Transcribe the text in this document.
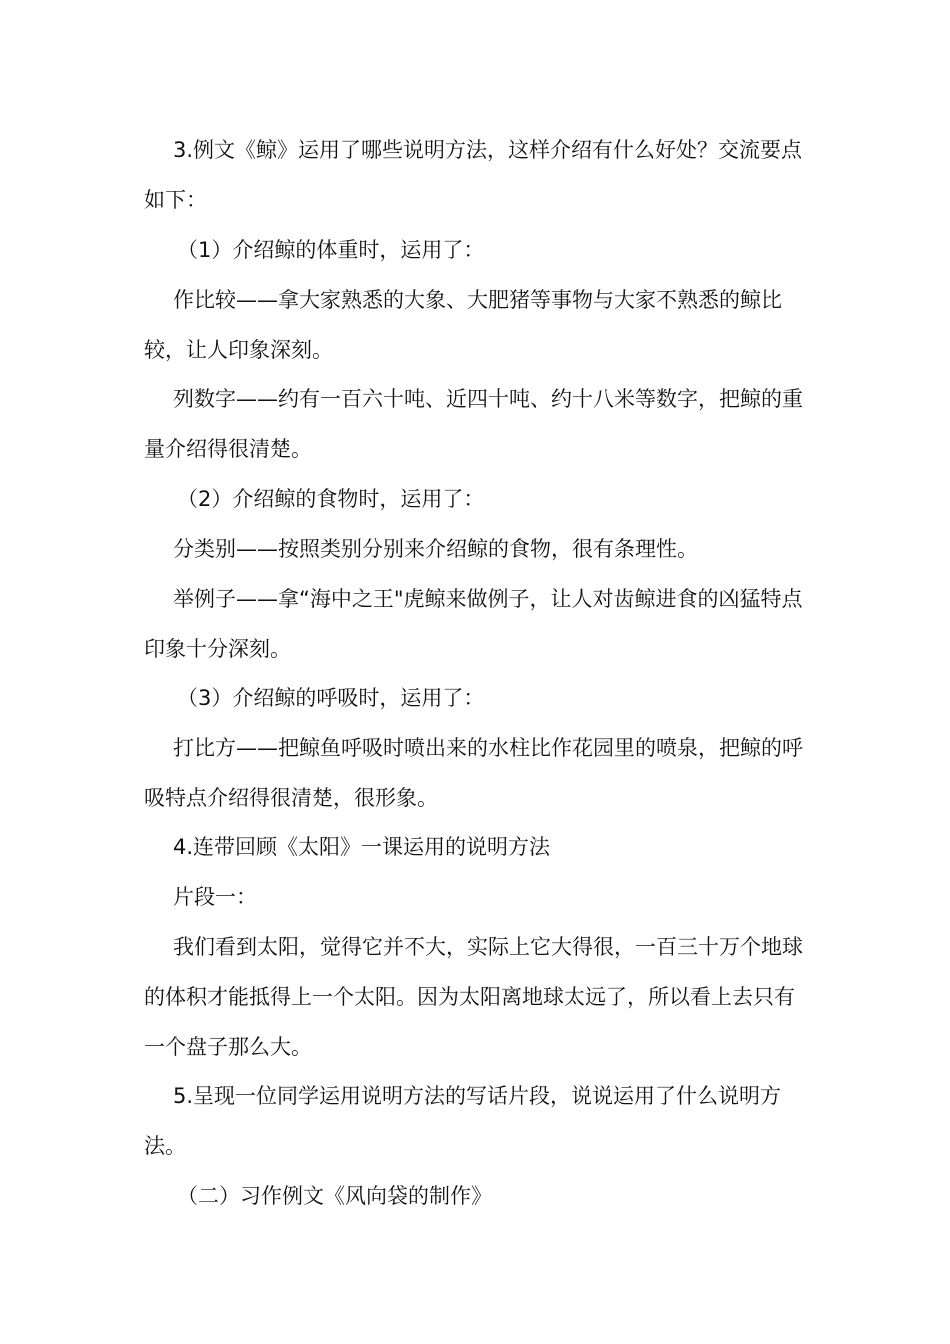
3.例文《鲸》运用了哪些说明方法，这样介绍有什么好处？交流要点如下：

（1）介绍鲸的体重时，运用了：

作比较——拿大家熟悉的大象、大肥猪等事物与大家不熟悉的鲸比较，让人印象深刻。

列数字——约有一百六十吨、近四十吨、约十八米等数字，把鲸的重量介绍得很清楚。

（2）介绍鲸的食物时，运用了：

分类别——按照类别分别来介绍鲸的食物，很有条理性。

举例子——拿“海中之王"虎鲸来做例子，让人对齿鲸进食的凶猛特点印象十分深刻。

（3）介绍鲸的呼吸时，运用了：

打比方——把鲸鱼呼吸时喷出来的水柱比作花园里的喷泉，把鲸的呼吸特点介绍得很清楚，很形象。

4.连带回顾《太阳》一课运用的说明方法

片段一：

我们看到太阳，觉得它并不大，实际上它大得很，一百三十万个地球的体积才能抵得上一个太阳。因为太阳离地球太远了，所以看上去只有一个盘子那么大。

5.呈现一位同学运用说明方法的写话片段，说说运用了什么说明方法。

（二）习作例文《风向袋的制作》
